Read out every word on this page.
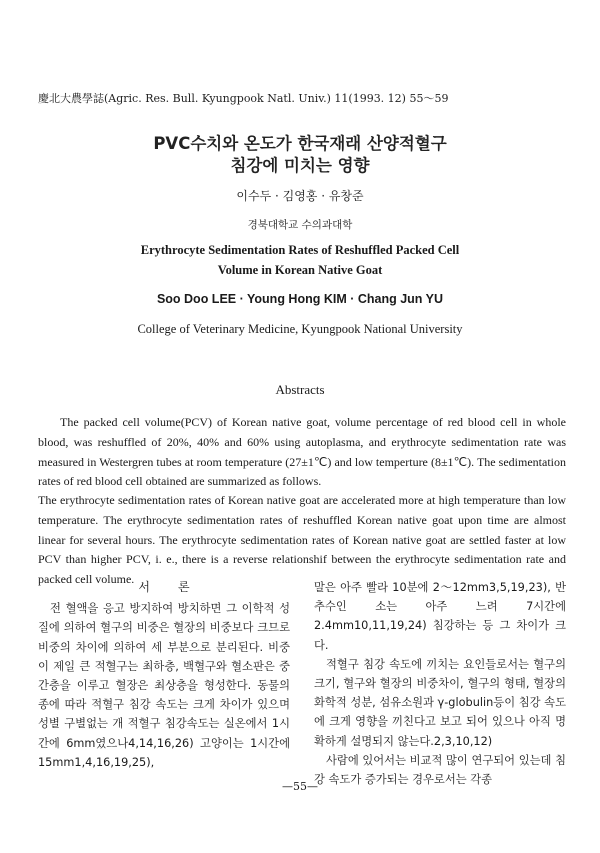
慶北大農學誌(Agric. Res. Bull. Kyungpook Natl. Univ.) 11(1993. 12) 55～59
PVC수치와 온도가 한국재래 산양적혈구
침강에 미치는 영향
이수두 · 김영홍 · 유창준
경북대학교 수의과대학
Erythrocyte Sedimentation Rates of Reshuffled Packed Cell
Volume in Korean Native Goat
Soo Doo LEE · Young Hong KIM · Chang Jun YU
College of Veterinary Medicine, Kyungpook National University
Abstracts

The packed cell volume(PCV) of Korean native goat, volume percentage of red blood cell in whole blood, was reshuffled of 20%, 40% and 60% using autoplasma, and erythrocyte sedimentation rate was measured in Westergren tubes at room temperature (27±1℃) and low temperture (8±1℃). The sedimentation rates of red blood cell obtained are summarized as follows.

The erythrocyte sedimentation rates of Korean native goat are accelerated more at high temperature than low temperature. The erythrocyte sedimentation rates of reshuffled Korean native goat upon time are almost linear for several hours. The erythrocyte sedimentation rates of Korean native goat are settled faster at low PCV than higher PCV, i. e., there is a reverse relationshif between the erythrocyte sedimentation rate and packed cell volume.

서론

전 혈액을 응고 방지하여 방치하면 그 이학적 성질에 의하여 혈구의 비중은 혈장의 비중보다 크므로 비중의 차이에 의하여 세 부분으로 분리된다. 비중이 제일 큰 적혈구는 최하층, 백혈구와 혈소판은 중간층을 이루고 혈장은 최상층을 형성한다. 동물의 종에 따라 적혈구 침강 속도는 크게 차이가 있으며 성별 구별없는 개 적혈구 침강속도는 실온에서 1시간에 6mm였으나4,14,16,26) 고양이는 1시간에 15mm1,4,16,19,25),

말은 아주 빨라 10분에 2～12mm3,5,19,23), 반추수인 소는 아주 느려 7시간에 2.4mm10,11,19,24) 침강하는 등 그 차이가 크다.

적혈구 침강 속도에 끼치는 요인들로서는 혈구의 크기, 혈구와 혈장의 비중차이, 혈구의 형태, 혈장의 화학적 성분, 섬유소원과 γ-globulin등이 침강 속도에 크게 영향을 끼친다고 보고 되어 있으나 아직 명확하게 설명되지 않는다.2,3,10,12)

사람에 있어서는 비교적 많이 연구되어 있는데 침강 속도가 증가되는 경우로서는 각종

—55—
